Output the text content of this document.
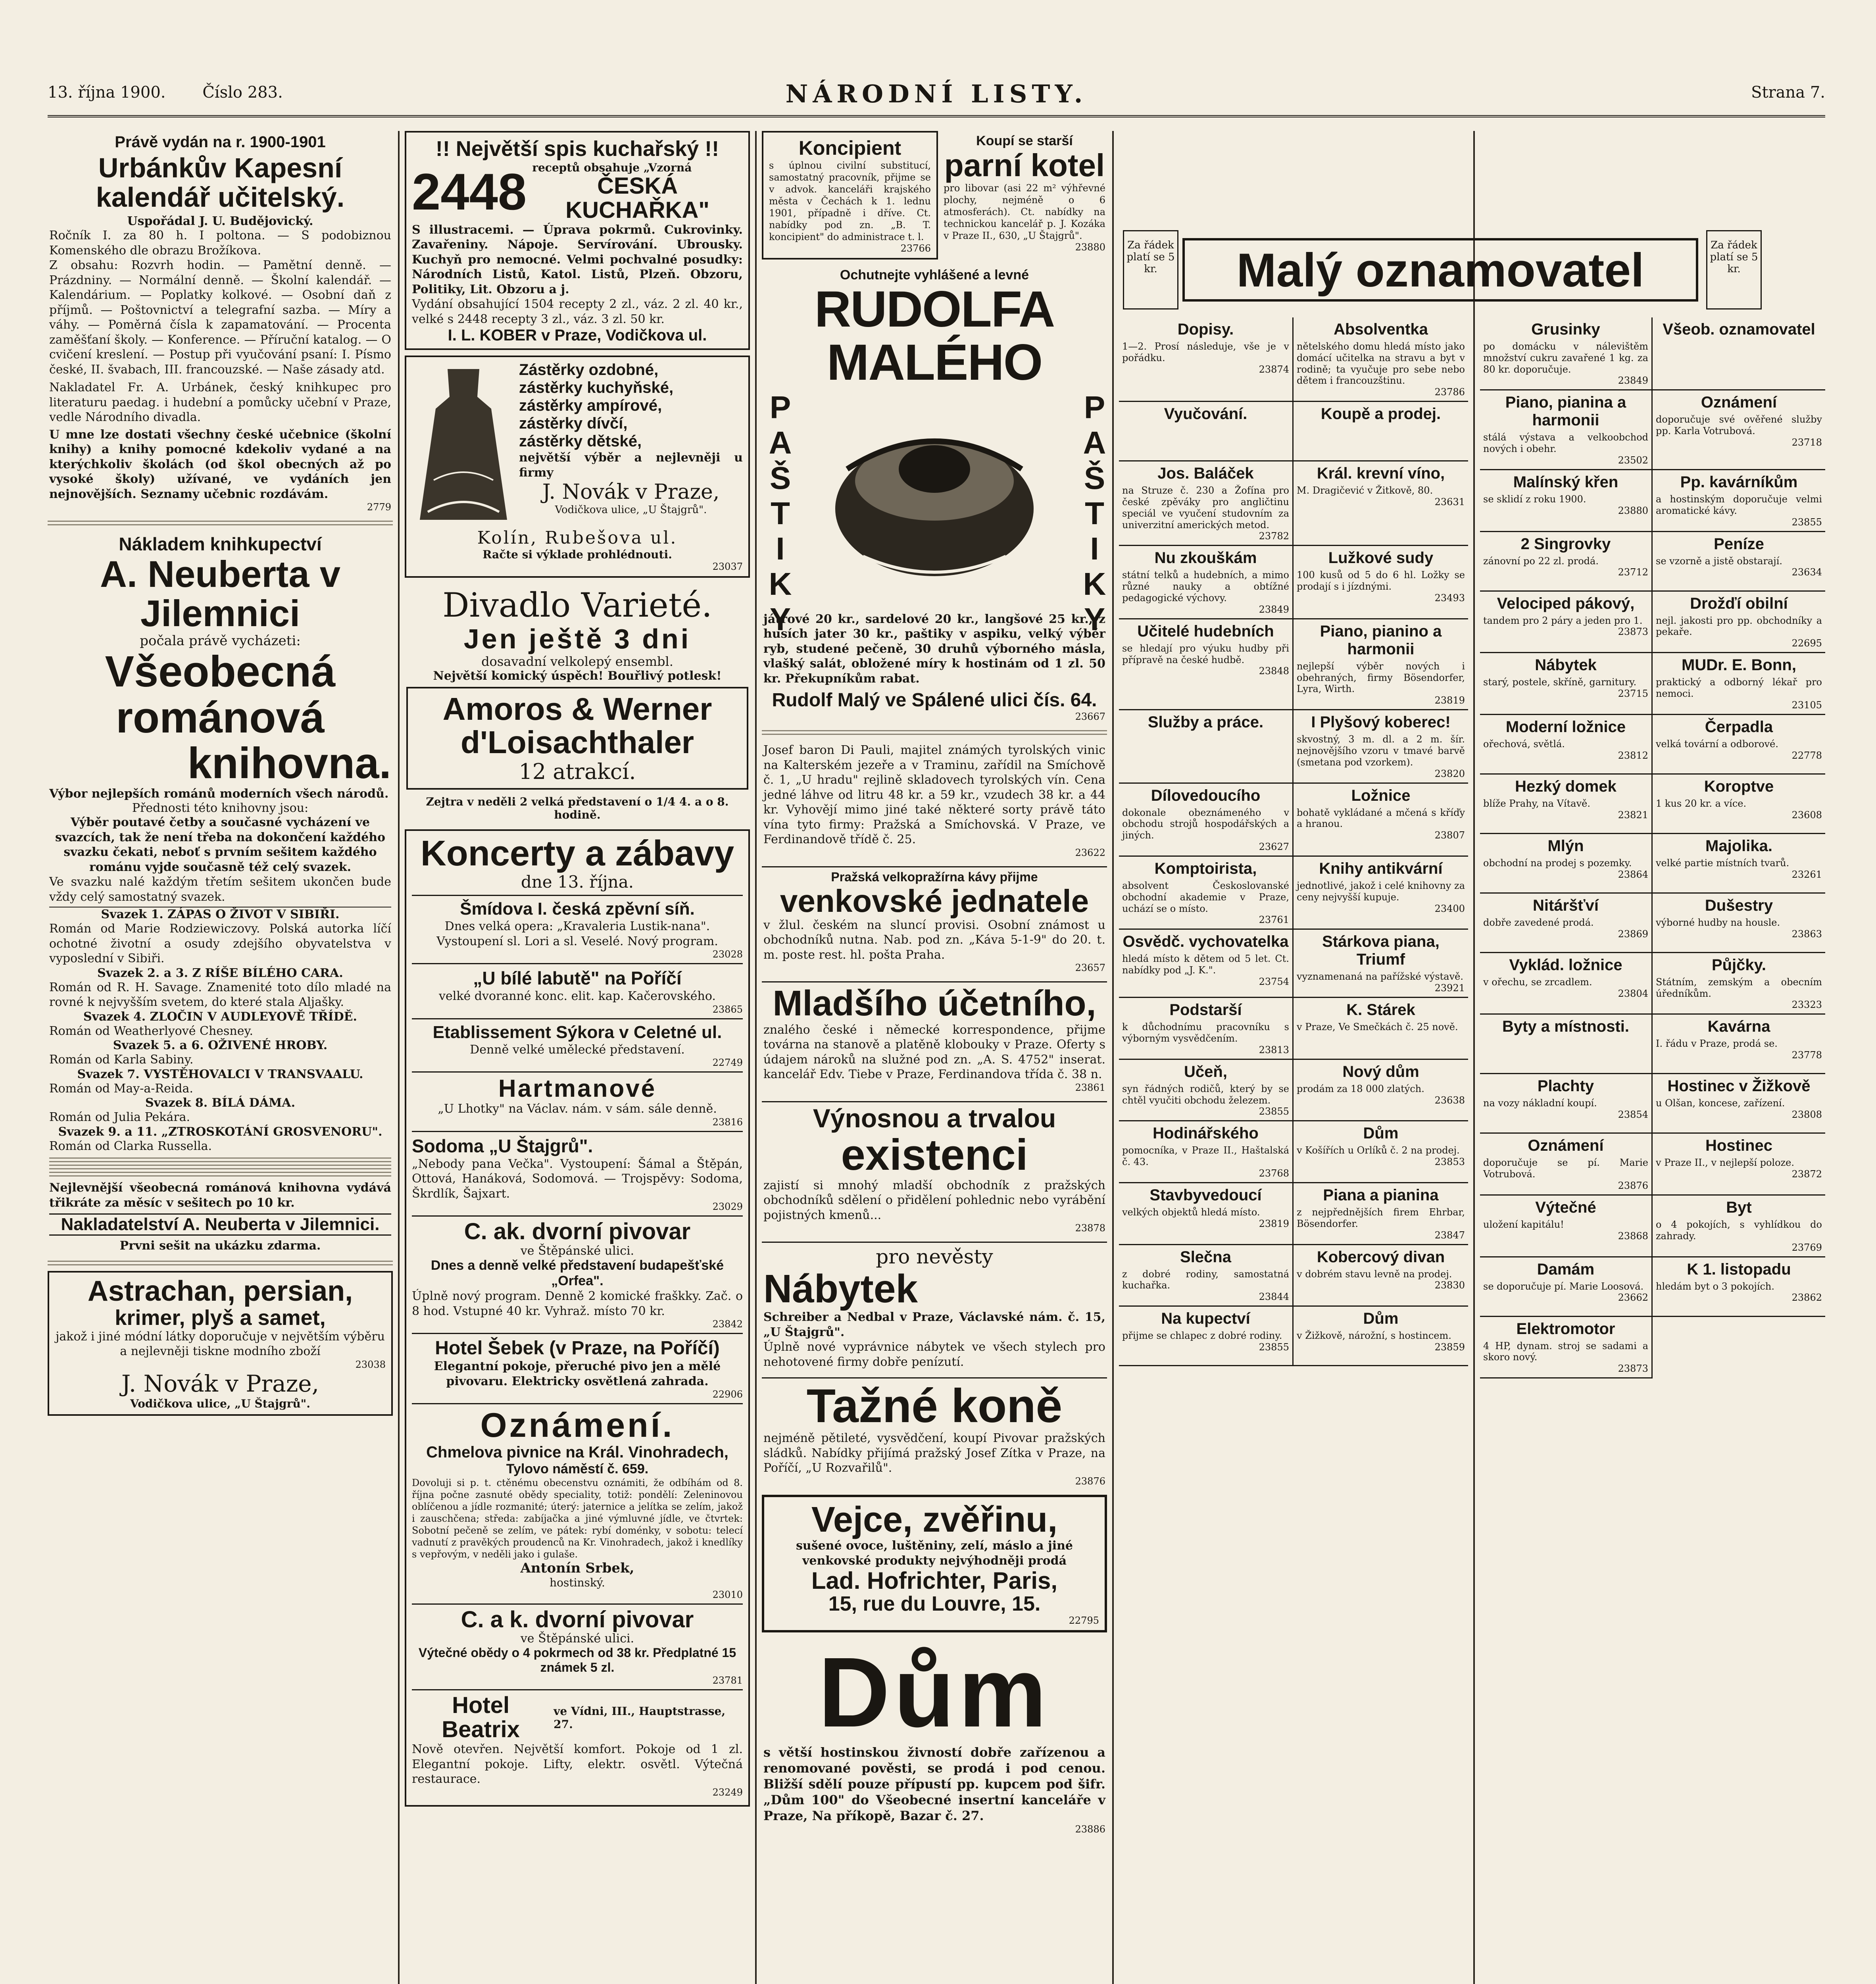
13. října 1900. Číslo 283.	NÁRODNÍ LISTY.	Strana 7.
Právě vydán na r. 1900-1901
Urbánkův Kapesní kalendář učitelský.
Uspořádal J. U. Budějovický.
Ročník I. za 80 h. I poltona. — S podobiznou Komenského dle obrazu Brožíkova.
Z obsahu: Rozvrh hodin. — Pamětní denně. — Prázdniny. — Normální denně. — Školní kalendář. — Kalendárium. — Poplatky kolkové. — Osobní daň z příjmů. — Poštovnictví a telegrafní sazba. — Míry a váhy. — Poměrná čísla k zapamatování. — Procenta zaměšťaní školy. — Konference. — Příruční katalog. — O cvičení kreslení. — Postup při vyučování psaní: I. Písmo české, II. švabach, III. francouzské. — Naše zásady atd.
Nakladatel Fr. A. Urbánek, český knihkupec pro literaturu paedag. i hudební a pomůcky učební v Praze, vedle Národního divadla.
U mne lze dostati všechny české učebnice (školní knihy) a knihy pomocné kdekoliv vydané a na kterýchkoliv školách (od škol obecných až po vysoké školy) užívané, ve vydáních jen nejnovějších. Seznamy učebnic rozdávám.
2779
Nákladem knihkupectví
A. Neuberta v Jilemnici
počala právě vycházeti:
Všeobecná
románová
knihovna.
Výbor nejlepších románů moderních všech národů.
Přednosti této knihovny jsou:
Výběr poutavé četby a současné vycházení ve svazcích, tak že není třeba na dokončení každého svazku čekati, neboť s prvním sešitem každého románu vyjde současně též celý svazek.
Ve svazku nalé každým třetím sešitem ukončen bude vždy celý samostatný svazek.
Svazek 1. ZÁPAS O ŽIVOT V SIBIŘI.
Román od Marie Rodziewiczovy. Polská autorka líčí ochotné životní a osudy zdejšího obyvatelstva v vyposlední v Sibiři.
Svazek 2. a 3. Z RÍŠE BÍLÉHO CARA.
Román od R. H. Savage. Znamenité toto dílo mladé na rovné k nejvyšším svetem, do které stala Aljašky.
Svazek 4. ZLOČIN V AUDLEYOVĚ TŘÍDĚ.
Román od Weatherlyové Chesney.
Svazek 5. a 6. OŽIVENÉ HROBY.
Román od Karla Sabiny.
Svazek 7. VYSTĚHOVALCI V TRANSVAALU.
Román od May-a-Reida.
Svazek 8. BÍLÁ DÁMA.
Román od Julia Pekára.
Svazek 9. a 11. „ZTROSKOTÁNÍ GROSVENORU".
Román od Clarka Russella.
Nejlevnější všeobecná románová knihovna vydává třikráte za měsíc v sešitech po 10 kr.
Nakladatelství A. Neuberta v Jilemnici.
Prvni sešit na ukázku zdarma.
Astrachan, persian,
krimer, plyš a samet,
jakož i jiné módní látky doporučuje v největším výběru a nejlevněji tiskne modního zboží
23038
J. Novák v Praze,
Vodičkova ulice, „U Štajgrů".
!! Největší spis kuchařský !!
2448 receptů obsahuje „Vzorná
ČESKÁ KUCHAŘKA"
S illustracemi. — Úprava pokrmů. Cukrovinky. Zavařeniny. Nápoje. Servírování. Ubrousky. Kuchyň pro nemocné. Velmi pochvalné posudky: Národních Listů, Katol. Listů, Plzeň. Obzoru, Politiky, Lit. Obzoru a j.
Vydání obsahující 1504 recepty 2 zl., váz. 2 zl. 40 kr., velké s 2448 recepty 3 zl., váz. 3 zl. 50 kr.
I. L. KOBER v Praze, Vodičkova ul.
Zástěrky ozdobné,
zástěrky kuchyňské,
zástěrky ampírové,
zástěrky dívčí,
zástěrky dětské,
největší výběr a nejlevněji u firmy
J. Novák v Praze,
Vodičkova ulice, „U Štajgrů".
Kolín, Rubešova ul.
Račte si výklade prohlédnouti.
23037
Divadlo Varieté.
Jen ještě 3 dni
dosavadní velkolepý ensembl.
Největší komický úspěch! Bouřlivý potlesk!
Amoros & Werner
d'Loisachthaler
12 atrakcí.
Zejtra v neděli 2 velká představení o 1/4 4. a o 8. hodině.
Koncerty a zábavy
dne 13. října.
Šmídova I. česká zpěvní síň.
Dnes velká opera: „Kravaleria Lustik-nana". Vystoupení sl. Lori a sl. Veselé. Nový program.
23028
„U bílé labutě" na Poříčí
velké dvoranné konc. elit. kap. Kačerovského.
23865
Etablissement Sýkora v Celetné ul.
Denně velké umělecké představení.
22749
Hartmanové
„U Lhotky" na Václav. nám. v sám. sále denně.
23816
Sodoma „U Štajgrů".
„Nebody pana Večka". Vystoupení: Šámal a Štěpán, Ottová, Hanáková, Sodomová. — Trojspěvy: Sodoma, Škrdlík, Šajxart.
23029
C. ak. dvorní pivovar
ve Štěpánské ulici.
Dnes a denně velké představení budapešťské „Orfea".
Úplně nový program. Denně 2 komické fraškky. Zač. o 8 hod. Vstupné 40 kr. Vyhraž. místo 70 kr.
23842
Hotel Šebek (v Praze, na Poříčí)
Elegantní pokoje, přeruché pivo jen a mělé pivovaru. Elektricky osvětlená zahrada.
22906
Oznámení.
Chmelova pivnice na Král. Vinohradech,
Tylovo náměstí č. 659.
Dovoluji si p. t. ctěnému obecenstvu oznámiti, že odbíhám od 8. října počne zasnuté obědy speciality, totiž: pondělí: Zeleninovou oblíčenou a jídle rozmanité; úterý: jaternice a jelítka se zelím, jakož i zauschčena; středa: zabíjačka a jiné výmluvné jídle, ve čtvrtek: Sobotní pečeně se zelím, ve pátek: rybí doménky, v sobotu: telecí vadnutí z pravěkých proudenců na Kr. Vinohradech, jakož i knedlíky s vepřovým, v neděli jako i gulaše.
Antonín Srbek,
hostinský.
23010
C. a k. dvorní pivovar
ve Štěpánské ulici.
Výtečné obědy o 4 pokrmech od 38 kr. Předplatné 15 známek 5 zl.
23781
Hotel Beatrix
ve Vídni, III., Hauptstrasse, 27.
Nově otevřen. Největší komfort. Pokoje od 1 zl. Elegantní pokoje. Lifty, elektr. osvětl. Výtečná restaurace.
23249
Koncipient
s úplnou civilní substitucí, samostatný pracovník, přijme se v advok. kanceláři krajského města v Čechách k 1. lednu 1901, případně i dříve. Ct. nabídky pod zn. „B. T. koncipient" do administrace t. l.
23766
Koupí se starší
parní kotel
pro libovar (asi 22 m² výhřevné plochy, nejméně o 6 atmosferách). Ct. nabídky na technickou kancelář p. J. Kozáka v Praze II., 630, „U Štajgrů".
23880
Ochutnejte vyhlášené a levné
RUDOLFA MALÉHO
PAŠTIKY	PAŠTIKY
játrové 20 kr., sardelové 20 kr., langšové 25 kr., z husích jater 30 kr., paštiky v aspiku, velký výběr ryb, studené pečeně, 30 druhů výborného másla, vlašký salát, obložené míry k hostinám od 1 zl. 50 kr. Překupníkům rabat.
Rudolf Malý ve Spálené ulici čís. 64.
23667
Josef baron Di Pauli, majitel známých tyrolských vinic na Kalterském jezeře a v Traminu, zařídil na Smíchově č. 1, „U hradu" rejlině skladovech tyrolských vín. Cena jedné láhve od litru 48 kr. a 59 kr., vzudech 38 kr. a 44 kr. Vyhovějí mimo jiné také některé sorty právě táto vína tyto firmy: Pražská a Smíchovská. V Praze, ve Ferdinandově třídě č. 25.
23622
Pražská velkopražírna kávy přijme
venkovské jednatele
v žlul. českém na sluncí provisi. Osobní známost u obchodníků nutna. Nab. pod zn. „Káva 5-1-9" do 20. t. m. poste rest. hl. pošta Praha.
23657
Mladšího účetního,
znalého české i německé korrespondence, přijme továrna na stanově a platěně klobouky v Praze. Oferty s údajem nároků na služné pod zn. „A. S. 4752" inserat. kancelář Edv. Tiebe v Praze, Ferdinandova třída č. 38 n.
23861
Výnosnou a trvalou
existenci
zajistí si mnohý mladší obchodník z pražských obchodníků sdělení o přidělení pohlednic nebo vyrábění pojistných kmenů...
23878
pro nevěsty
Nábytek
Schreiber a Nedbal v Praze, Václavské nám. č. 15, „U Štajgrů".
Úplně nové vyprávnice nábytek ve všech stylech pro nehotovené firmy dobře penízutí.
Tažné koně
nejméně pětileté, vysvědčení, koupí Pivovar pražských sládků. Nabídky přijímá pražský Josef Zítka v Praze, na Poříčí, „U Rozvařilů".
23876
Vejce, zvěřinu,
sušené ovoce, luštěniny, zelí, máslo a jiné venkovské produkty nejvýhodněji prodá
Lad. Hofrichter, Paris,
15, rue du Louvre, 15.
22795
Dům
s větší hostinskou živností dobře zařízenou a renomované pověsti, se prodá i pod cenou. Bližší sdělí pouze přípustí pp. kupcem pod šifr. „Dům 100" do Všeobecné insertní kanceláře v Praze, Na příkopě, Bazar č. 27.
23886
Za řádek platí se 5 kr.	Malý oznamovatel	Za řádek platí se 5 kr.
Dopisy.

1—2. Prosí následuje, vše je v pořádku.

23874
Absolventka

nětelského domu hledá místo jako domácí učitelka na stravu a byt v rodině; ta vyučuje pro sebe nebo dětem i francouzštinu.

23786
Vyučování.	Koupě a prodej.

Jos. Baláček

na Struze č. 230 a Žofína pro české zpěváky pro angličtinu speciál ve vyučení studovním za univerzitní amerických metod.

23782
Král. krevní víno,

M. Dragičević v Žitkově, 80.

23631
Nu zkouškám

státní telků a hudebních, a mimo různé nauky a obtížné pedagogické výchovy.

23849
Lužkové sudy

100 kusů od 5 do 6 hl. Ložky se prodají s i jízdnými.

23493
Učitelé hudebních

se hledají pro výuku hudby při přípravě na české hudbě.

23848
Piano, pianino a harmonii

nejlepší výběr nových i obehraných, firmy Bösendorfer, Lyra, Wirth.

23819
Služby a práce.	I Plyšový koberec!

skvostný, 3 m. dl. a 2 m. šír. nejnovějšího vzoru v tmavé barvě (smetana pod vzorkem).

23820
Dílovedoucího

dokonale obeznámeného v obchodu strojů hospodářských a jiných.

23627
Ložnice

bohatě vykládané a mčená s kříďy a hranou.

23807
Komptoirista,

absolvent Českoslovanské obchodní akademie v Praze, uchází se o místo.

23761
Knihy antikvární

jednotlivé, jakož i celé knihovny za ceny nejvyšší kupuje.

23400
Osvědč. vychovatelka

hledá místo k dětem od 5 let. Ct. nabídky pod „J. K.".

23754
Stárkova piana, Triumf

vyznamenaná na pařížské výstavě.

23921
Podstarší

k důchodnímu pracovníku s výborným vysvědčením.

23813
K. Stárek

v Praze, Ve Smečkách č. 25 nově.

Učeň,

syn řádných rodičů, který by se chtěl vyučiti obchodu železem.

23855
Nový dům

prodám za 18 000 zlatých.

23638
Hodinářského

pomocníka, v Praze II., Haštalská č. 43.

23768
Dům

v Košířích u Orlíků č. 2 na prodej.

23853
Stavbyvedoucí

velkých objektů hledá místo.

23819
Piana a pianina

z nejpřednějších firem Ehrbar, Bösendorfer.

23847
Slečna

z dobré rodiny, samostatná kuchařka.

23844
Kobercový divan

v dobrém stavu levně na prodej.

23830
Na kupectví

přijme se chlapec z dobré rodiny.

23855
Dům

v Žižkově, nárožní, s hostincem.

23859
Grusinky

po domácku v nálevištěm množství cukru zavařené 1 kg. za 80 kr. doporučuje.

23849
Všeob. oznamovatel

Piano, pianina a harmonii

stálá výstava a velkoobchod nových i obehr.

23502
Oznámení

doporučuje své ověřené služby pp. Karla Votrubová.

23718
Malínský křen

se sklidí z roku 1900.

23880
Pp. kavárníkům

a hostinským doporučuje velmi aromatické kávy.

23855
2 Singrovky

zánovní po 22 zl. prodá.

23712
Peníze

se vzorně a jistě obstarají.

23634
Velociped pákový,

tandem pro 2 páry a jeden pro 1.

23873
Drožďí obilní

nejl. jakosti pro pp. obchodníky a pekaře.

22695
Nábytek

starý, postele, skříně, garnitury.

23715
MUDr. E. Bonn,

praktický a odborný lékař pro nemoci.

23105
Moderní ložnice

ořechová, světlá.

23812
Čerpadla

velká tovární a odborové.

22778
Hezký domek

blíže Prahy, na Vítavě.

23821
Koroptve

1 kus 20 kr. a více.

23608
Mlýn

obchodní na prodej s pozemky.

23864
Majolika.

velké partie místních tvarů.

23261
Nitáršťví

dobře zavedené prodá.

23869
Dušestry

výborné hudby na housle.

23863
Vyklád. ložnice

v ořechu, se zrcadlem.

23804
Půjčky.

Státním, zemským a obecním úředníkům.

23323
Byty a místnosti.	Kavárna

I. řádu v Praze, prodá se.

23778
Plachty

na vozy nákladní koupí.

23854
Hostinec v Žižkově

u Olšan, koncese, zařízení.

23808
Oznámení

doporučuje se pí. Marie Votrubová.

23876
Hostinec

v Praze II., v nejlepší poloze.

23872
Výtečné

uložení kapitálu!

23868
Byt

o 4 pokojích, s vyhlídkou do zahrady.

23769
Damám

se doporučuje pí. Marie Loosová.

23662
K 1. listopadu

hledám byt o 3 pokojích.

23862
Elektromotor

4 HP, dynam. stroj se sadami a skoro nový.

23873
